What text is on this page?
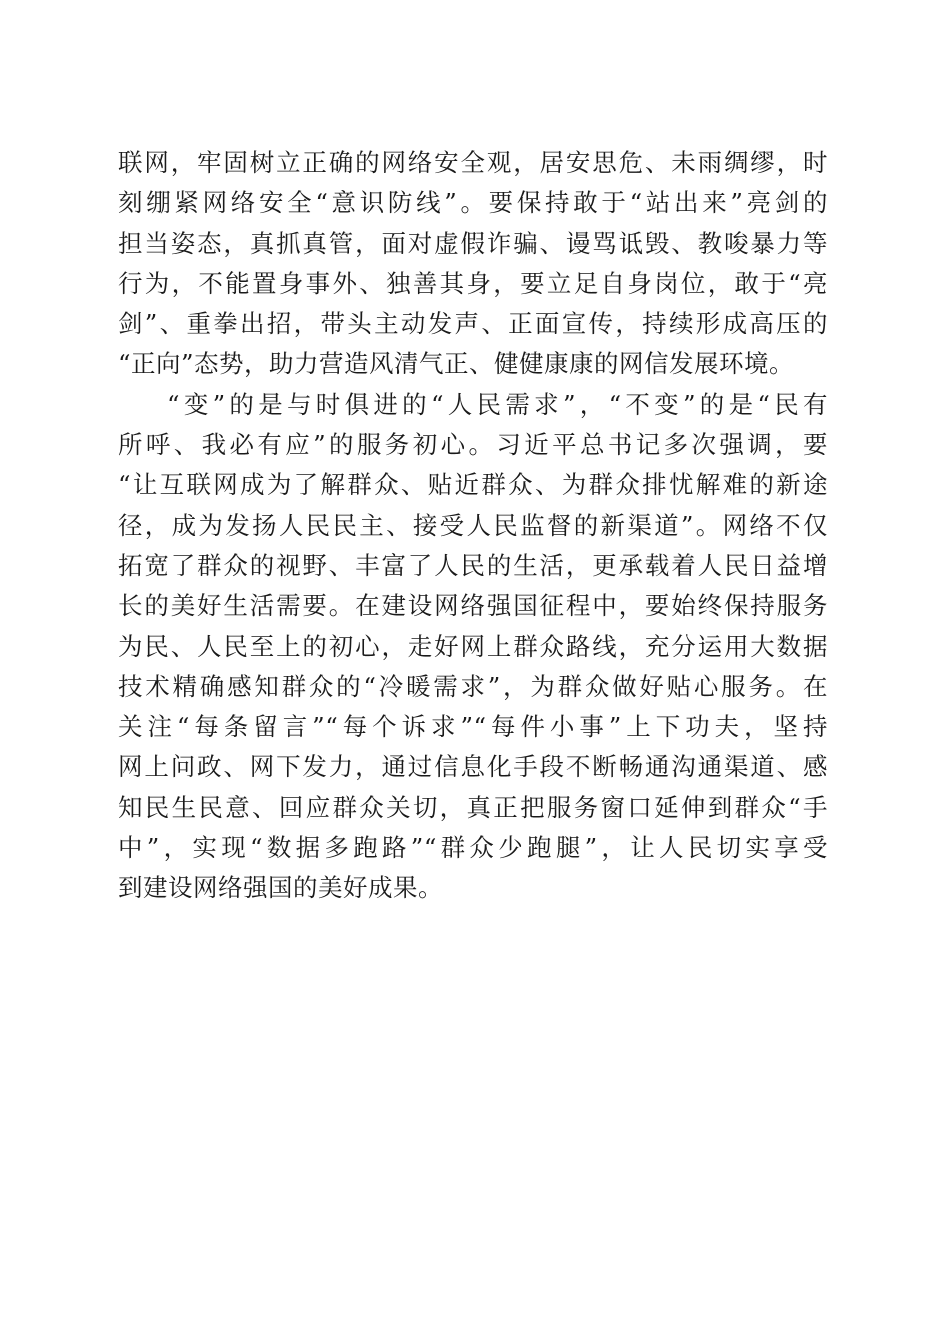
联网，牢固树立正确的网络安全观，居安思危、未雨绸缪，时
刻绷紧网络安全“意识防线”。要保持敢于“站出来”亮剑的
担当姿态，真抓真管，面对虚假诈骗、谩骂诋毁、教唆暴力等
行为，不能置身事外、独善其身，要立足自身岗位，敢于“亮
剑”、重拳出招，带头主动发声、正面宣传，持续形成高压的
“正向”态势，助力营造风清气正、健健康康的网信发展环境。
“变”的是与时俱进的“人民需求”，“不变”的是“民有
所呼、我必有应”的服务初心。习近平总书记多次强调，要
“让互联网成为了解群众、贴近群众、为群众排忧解难的新途
径，成为发扬人民民主、接受人民监督的新渠道”。网络不仅
拓宽了群众的视野、丰富了人民的生活，更承载着人民日益增
长的美好生活需要。在建设网络强国征程中，要始终保持服务
为民、人民至上的初心，走好网上群众路线，充分运用大数据
技术精确感知群众的“冷暖需求”，为群众做好贴心服务。在
关注“每条留言”“每个诉求”“每件小事”上下功夫，坚持
网上问政、网下发力，通过信息化手段不断畅通沟通渠道、感
知民生民意、回应群众关切，真正把服务窗口延伸到群众“手
中”，实现“数据多跑路”“群众少跑腿”，让人民切实享受
到建设网络强国的美好成果。
